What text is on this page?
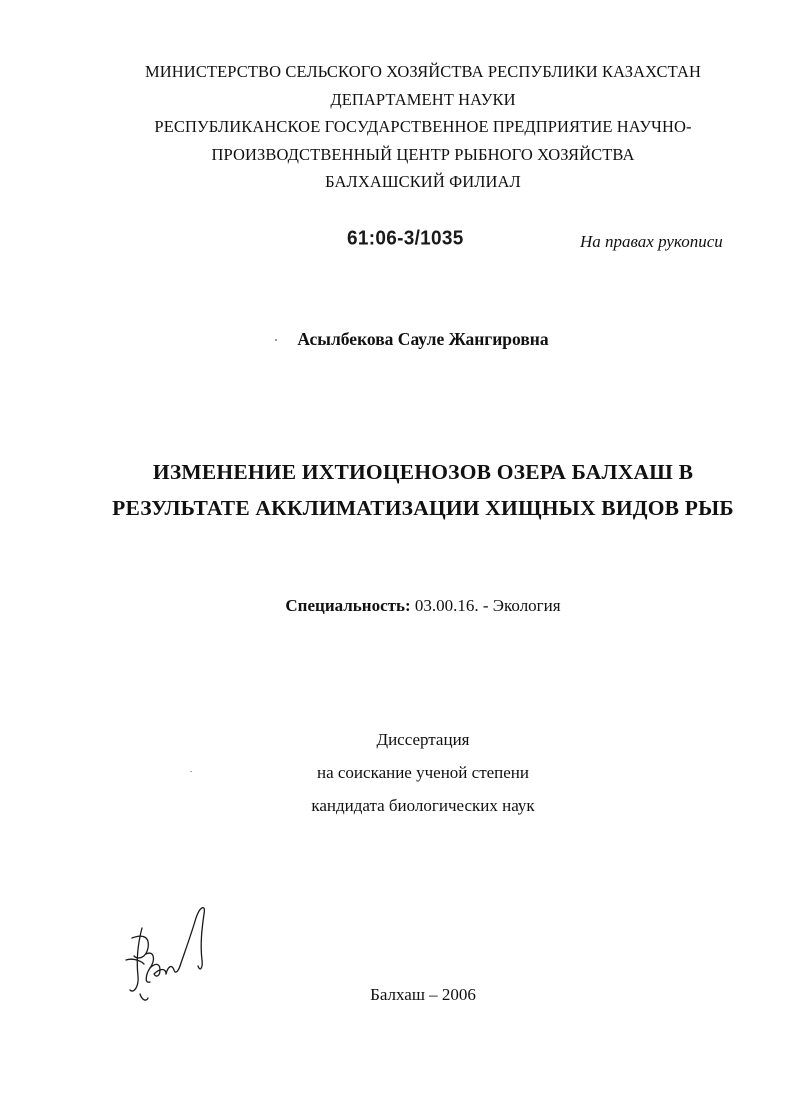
МИНИСТЕРСТВО СЕЛЬСКОГО ХОЗЯЙСТВА РЕСПУБЛИКИ КАЗАХСТАН
ДЕПАРТАМЕНТ НАУКИ
РЕСПУБЛИКАНСКОЕ ГОСУДАРСТВЕННОЕ ПРЕДПРИЯТИЕ НАУЧНО-
ПРОИЗВОДСТВЕННЫЙ ЦЕНТР РЫБНОГО ХОЗЯЙСТВА
БАЛХАШСКИЙ ФИЛИАЛ
61:06-3/1035	На правах рукописи
Асылбекова Сауле Жангировна
ИЗМЕНЕНИЕ ИХТИОЦЕНОЗОВ ОЗЕРА БАЛХАШ В
РЕЗУЛЬТАТЕ АККЛИМАТИЗАЦИИ ХИЩНЫХ ВИДОВ РЫБ
Специальность: 03.00.16. - Экология
Диссертация
на соискание ученой степени
кандидата биологических наук
Балхаш – 2006
